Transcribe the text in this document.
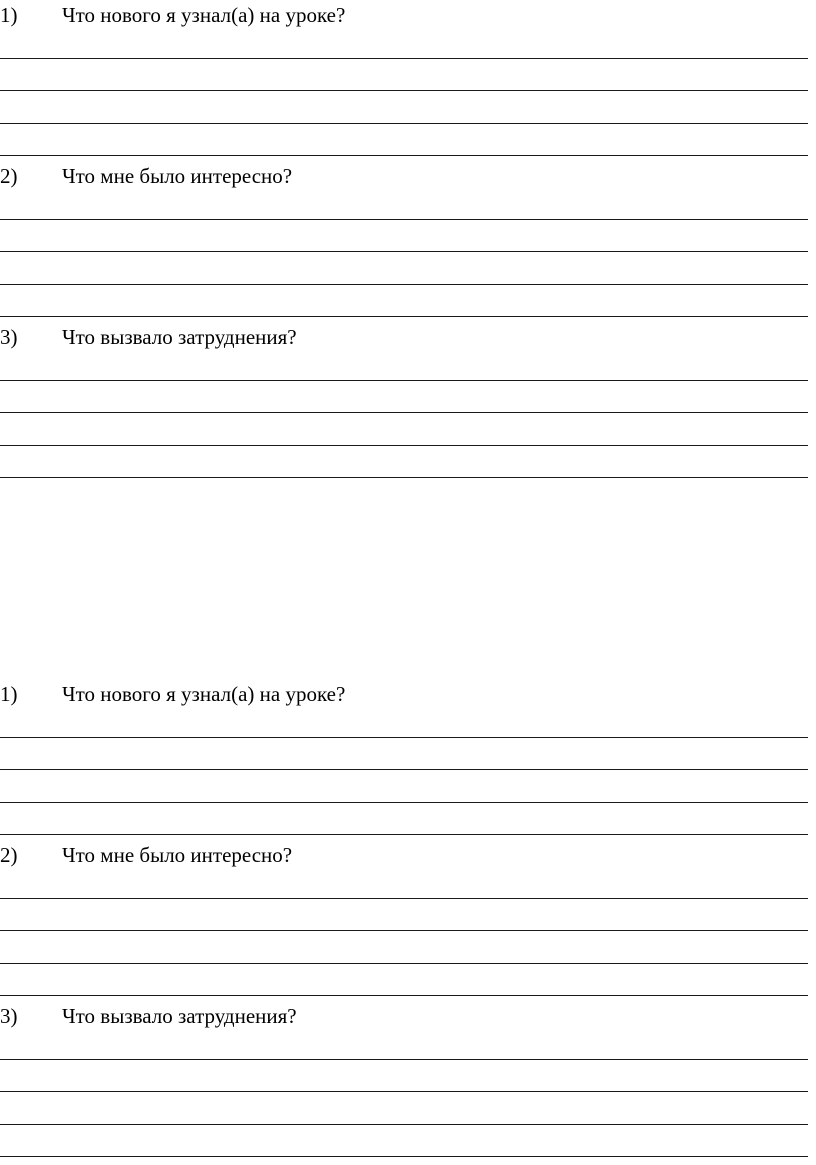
1) Что нового я узнал(а) на уроке?
2) Что мне было интересно?
3) Что вызвало затруднения?
1) Что нового я узнал(а) на уроке?
2) Что мне было интересно?
3) Что вызвало затруднения?
